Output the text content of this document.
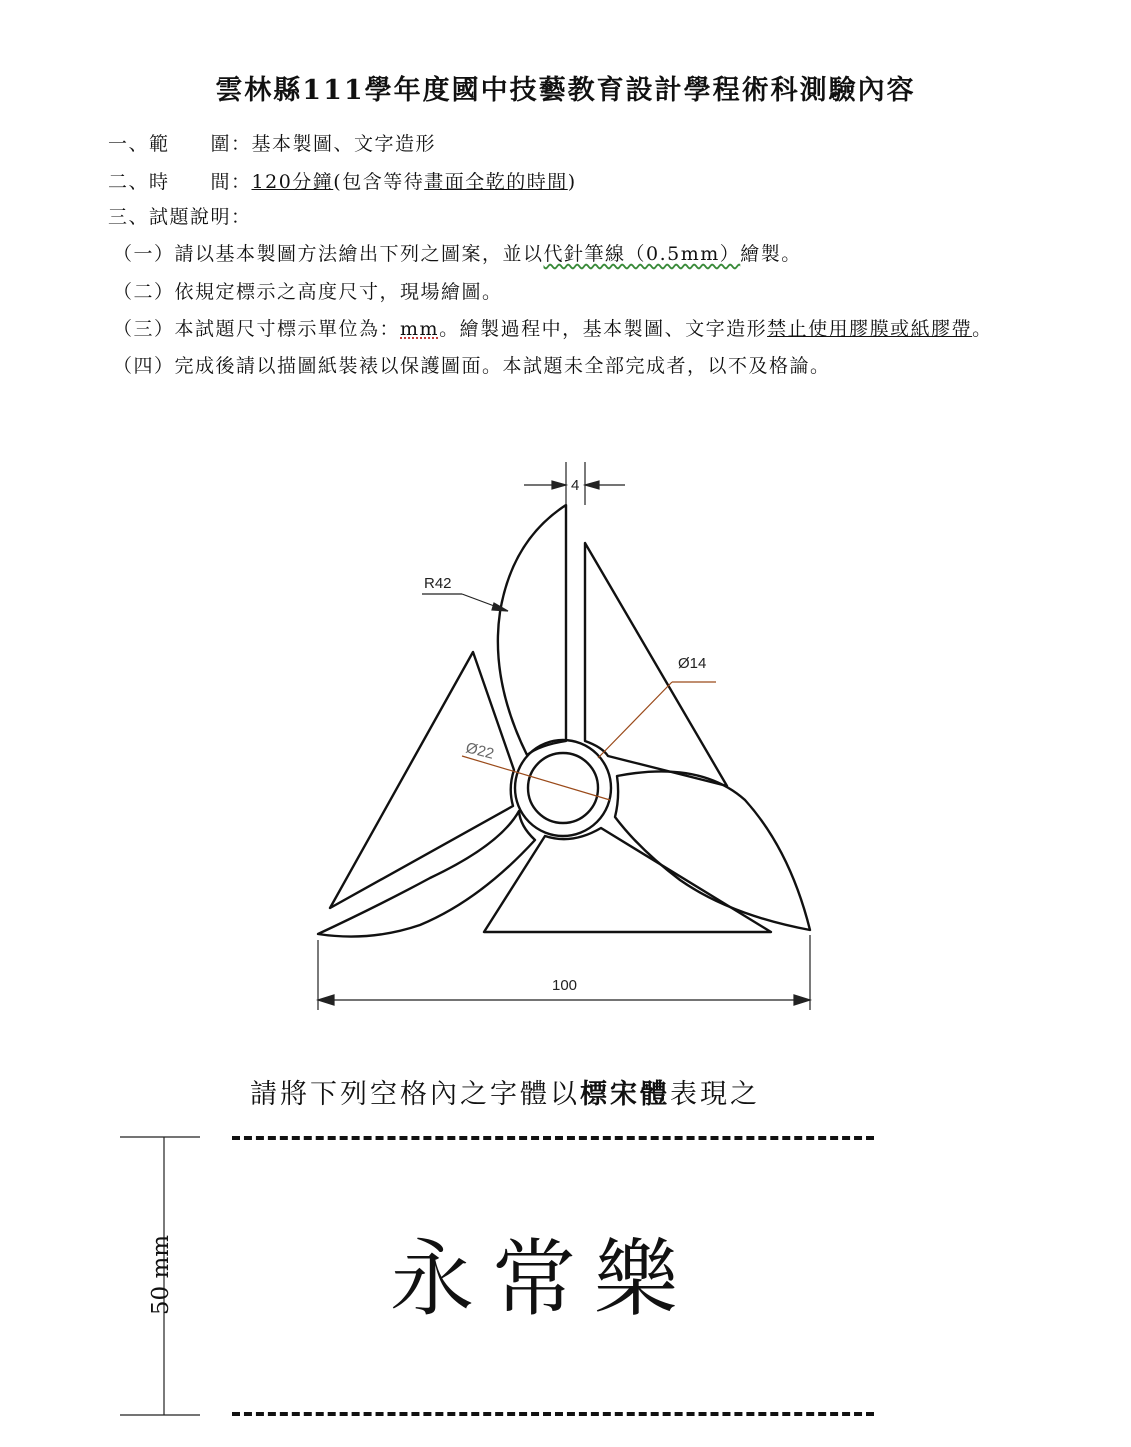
雲林縣111學年度國中技藝教育設計學程術科測驗內容
一、範　　圍：基本製圖、文字造形
二、時　　間：120分鐘(包含等待畫面全乾的時間)
三、試題說明：
（一）請以基本製圖方法繪出下列之圖案，並以代針筆線（0.5mm）繪製。
（二）依規定標示之高度尺寸，現場繪圖。
（三）本試題尺寸標示單位為：mm。繪製過程中，基本製圖、文字造形禁止使用膠膜或紙膠帶。
（四）完成後請以描圖紙裝裱以保護圖面。本試題未全部完成者，以不及格論。
4
R42
Ø14
Ø22
100
請將下列空格內之字體以標宋體表現之
永常樂
50 mm
